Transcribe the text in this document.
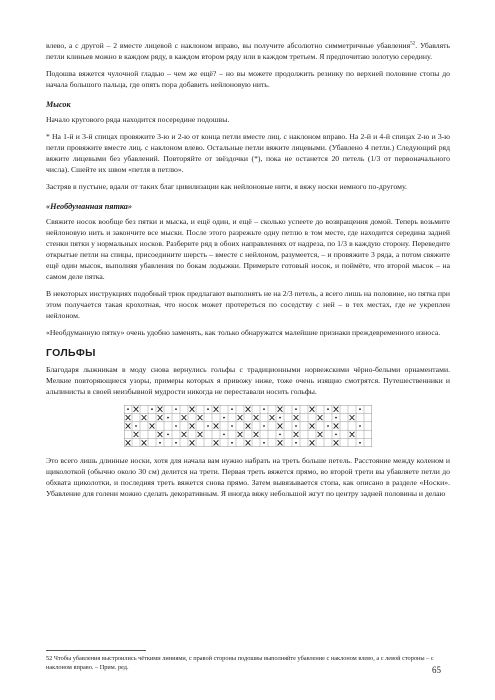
влево, а с другой – 2 вместе лицевой с наклоном вправо, вы получите абсолютно симметричные убавления$^{52}$. Убавлять петли клиньев можно в каждом ряду, в каждом втором ряду или в каждом третьем. Я предпочитаю золотую середину.

Подошва вяжется чулочной гладью – чем же ещё? – но вы можете продолжить резинку по верхней половине стопы до начала большого пальца, где опять пора добавить нейлоновую нить.

Мысок

Начало кругового ряда находится посередине подошвы.

* На 1-й и 3-й спицах провяжите 3-ю и 2-ю от конца петли вместе лиц. с наклоном вправо. На 2-й и 4-й спицах 2-ю и 3-ю петли провяжите вместе лиц. с наклоном влево. Остальные петли вяжите лицевыми. (Убавлено 4 петли.) Следующий ряд вяжите лицевыми без убавлений. Повторяйте от звёздочки (*), пока не останется 20 петель (1/3 от первоначального числа). Сшейте их швом «петля в петлю».

Застряв в пустыне, вдали от таких благ цивилизации как нейлоновые нити, я вяжу носки немного по-другому.

«Необдуманная пятка»

Свяжите носок вообще без пятки и мыска, и ещё один, и ещё – сколько успеете до возвращения домой. Теперь возьмите нейлоновую нить и закончите все мыски. После этого разрежьте одну петлю в том месте, где находится середина задней стенки пятки у нормальных носков. Разберите ряд в обоих направлениях от надреза, по 1/3 в каждую сторону. Переведите открытые петли на спицы, присоедините шерсть – вместе с нейлоном, разумеется, – и провяжите 3 ряда, а потом свяжите ещё один мысок, выполняя убавления по бокам лодыжки. Примерьте готовый носок, и поймёте, что второй мысок – на самом деле пятка.

В некоторых инструкциях подобный трюк предлагают выполнять не на 2/3 петель, а всего лишь на половине, но пятка при этом получается такая крохотная, что носок может протереться по соседству с ней – в тех местах, где не укреплен нейлоном.

«Необдуманную пятку» очень удобно заменять, как только обнаружатся малейшие признаки преждевременного износа.

ГОЛЬФЫ

Благодаря лыжникам в моду снова вернулись гольфы с традиционными норвежскими чёрно-белыми орнаментами. Мелкие повторяющиеся узоры, примеры которых я привожу ниже, тоже очень изящно смотрятся. Путешественники и альпинисты в своей неизбывной мудрости никогда не переставали носить гольфы.

Это всего лишь длинные носки, хотя для начала вам нужно набрать на треть больше петель. Расстояние между коленом и щиколоткой (обычно около 30 см) делится на трети. Первая треть вяжется прямо, во второй трети вы убавляете петли до обхвата щиколотки, и последняя треть вяжется снова прямо. Затем вывязывается стопа, как описано в разделе «Носки». Убавление для голени можно сделать декоративным. Я иногда вяжу небольшой жгут по центру задней половины и делаю

52 Чтобы убавления выстроились чёткими линиями, с правой стороны подошвы выполняйте убавление с наклоном влево, а с левой стороны – с наклоном вправо. – Прим. ред.	65
